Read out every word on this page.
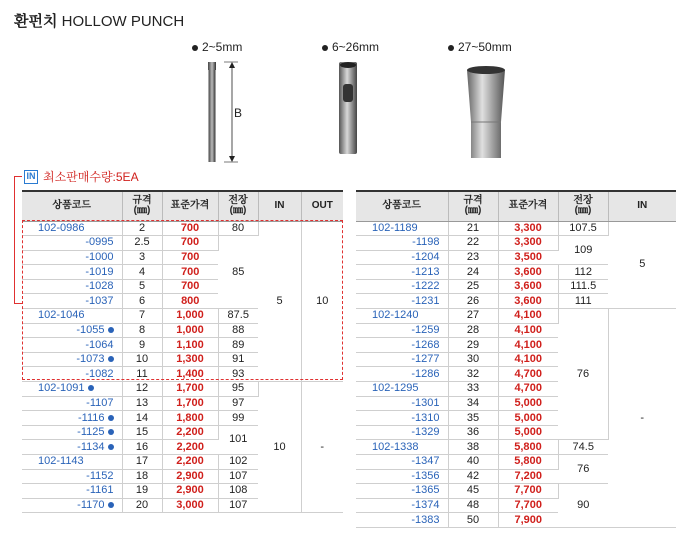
환펀치 HOLLOW PUNCH
2~5mm	6~26mm	27~50mm
B
IN 최소판매수량:5EA
상품코드	규격
(㎜)	표준가격	전장
(㎜)	IN	OUT
102-0986	2	700	80	5	10
-0995	2.5	700	85		
-1000	3	700			
-1019	4	700			
-1028	5	700			
-1037	6	800			
102-1046	7	1,000	87.5		
-1055	8	1,000	88		
-1064	9	1,100	89		
-1073	10	1,300	91		
-1082	11	1,400	93		
102-1091	12	1,700	95	10	-
-1107	13	1,700	97		
-1116	14	1,800	99		
-1125	15	2,200	101		
-1134	16	2,200			
102-1143	17	2,200	102		
-1152	18	2,900	107		
-1161	19	2,900	108		
-1170	20	3,000	107		
상품코드	규격
(㎜)	표준가격	전장
(㎜)	IN
102-1189	21	3,300	107.5	5
-1198	22	3,300	109	
-1204	23	3,500		
-1213	24	3,600	112	
-1222	25	3,600	111.5	
-1231	26	3,600	111	
102-1240	27	4,100	76	-
-1259	28	4,100		
-1268	29	4,100		
-1277	30	4,100		
-1286	32	4,700		
102-1295	33	4,700		
-1301	34	5,000		
-1310	35	5,000		
-1329	36	5,000		
102-1338	38	5,800	74.5	
-1347	40	5,800	76	
-1356	42	7,200		
-1365	45	7,700	90	
-1374	48	7,700		
-1383	50	7,900		
